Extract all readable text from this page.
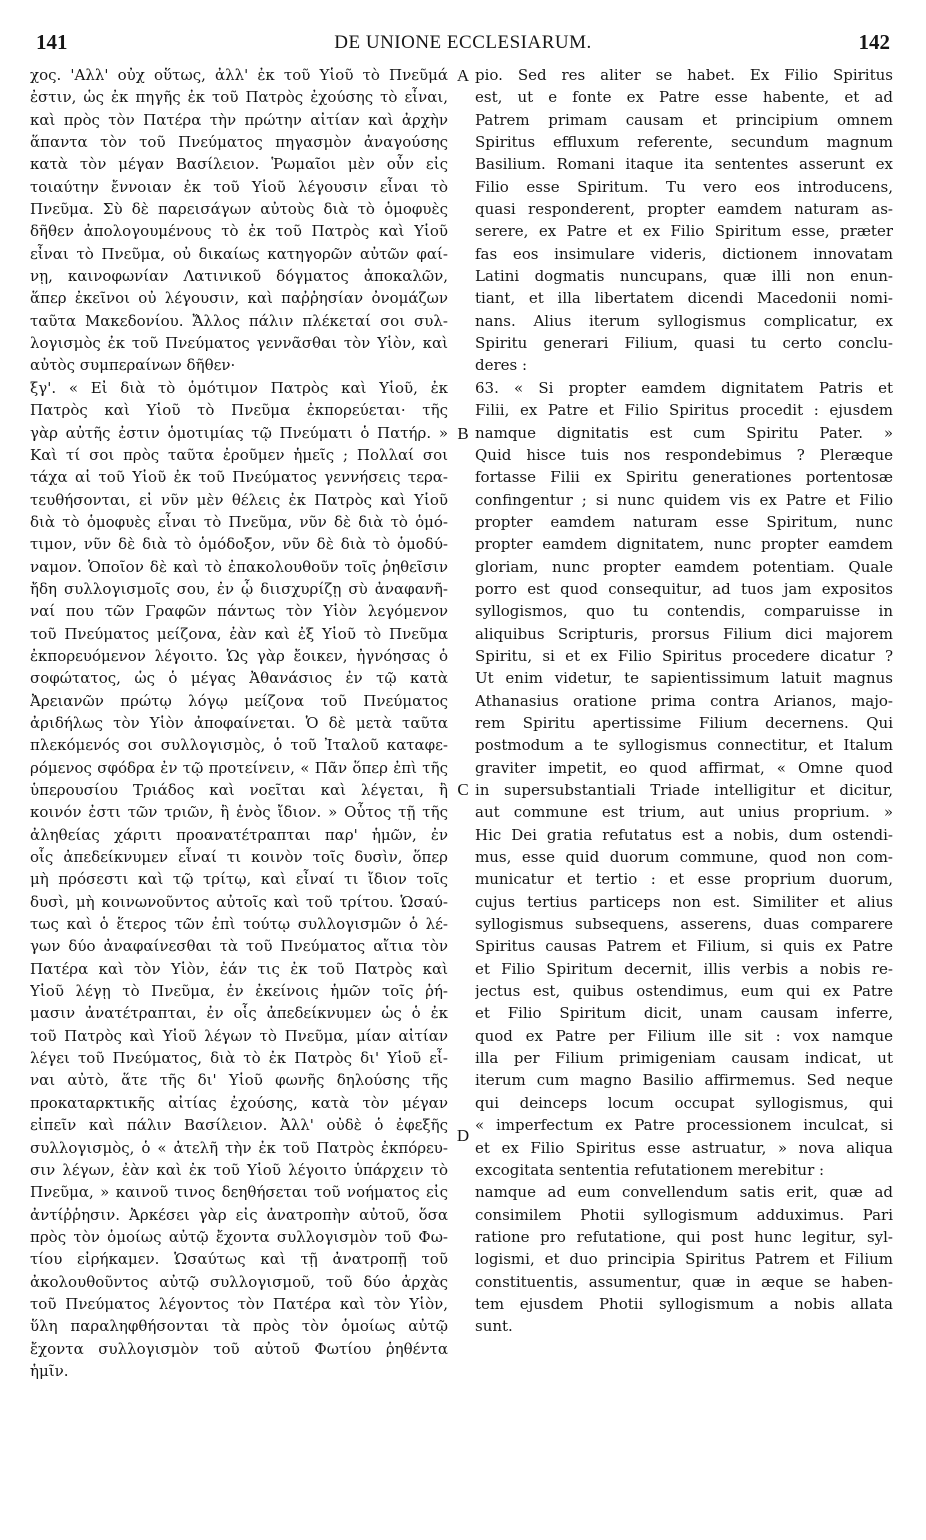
141	DE UNIONE ECCLESIARUM.	142
χος. 'Αλλ' οὐχ οὕτως, ἀλλ' ἐκ τοῦ Υἱοῦ τὸ Πνεῦμά
ἐστιν, ὡς ἐκ πηγῆς ἐκ τοῦ Πατρὸς ἐχούσης τὸ εἶναι,
καὶ πρὸς τὸν Πατέρα τὴν πρώτην αἰτίαν καὶ ἀρχὴν
ἅπαντα τὸν τοῦ Πνεύματος πηγασμὸν ἀναγούσης
κατὰ τὸν μέγαν Βασίλειον. Ῥωμαῖοι μὲν οὖν εἰς
τοιαύτην ἔννοιαν ἐκ τοῦ Υἱοῦ λέγουσιν εἶναι τὸ
Πνεῦμα. Σὺ δὲ παρεισάγων αὐτοὺς διὰ τὸ ὁμοφυὲς
δῆθεν ἀπολογουμένους τὸ ἐκ τοῦ Πατρὸς καὶ Υἱοῦ
εἶναι τὸ Πνεῦμα, οὐ δικαίως κατηγορῶν αὐτῶν φαί-
νῃ, καινοφωνίαν Λατινικοῦ δόγματος ἀποκαλῶν,
ἅπερ ἐκεῖνοι οὐ λέγουσιν, καὶ παῤῥησίαν ὀνομάζων
ταῦτα Μακεδονίου. Ἄλλος πάλιν πλέκεταί σοι συλ-
λογισμὸς ἐκ τοῦ Πνεύματος γεννᾶσθαι τὸν Υἱὸν, καὶ
αὐτὸς συμπεραίνων δῆθεν·
ξγ'. « Εἰ διὰ τὸ ὁμότιμον Πατρὸς καὶ Υἱοῦ, ἐκ
Πατρὸς καὶ Υἱοῦ τὸ Πνεῦμα ἐκπορεύεται· τῆς
γὰρ αὐτῆς ἐστιν ὁμοτιμίας τῷ Πνεύματι ὁ Πατήρ. »
Καὶ τί σοι πρὸς ταῦτα ἐροῦμεν ἡμεῖς ; Πολλαί σοι
τάχα αἱ τοῦ Υἱοῦ ἐκ τοῦ Πνεύματος γεννήσεις τερα-
τευθήσονται, εἰ νῦν μὲν θέλεις ἐκ Πατρὸς καὶ Υἱοῦ
διὰ τὸ ὁμοφυὲς εἶναι τὸ Πνεῦμα, νῦν δὲ διὰ τὸ ὁμό-
τιμον, νῦν δὲ διὰ τὸ ὁμόδοξον, νῦν δὲ διὰ τὸ ὁμοδύ-
ναμον. Ὁποῖον δὲ καὶ τὸ ἐπακολουθοῦν τοῖς ῥηθεῖσιν
ἤδη συλλογισμοῖς σου, ἐν ᾧ διισχυρίζῃ σὺ ἀναφανῆ-
ναί που τῶν Γραφῶν πάντως τὸν Υἱὸν λεγόμενον
τοῦ Πνεύματος μείζονα, ἐὰν καὶ ἐξ Υἱοῦ τὸ Πνεῦμα
ἐκπορευόμενον λέγοιτο. Ὡς γὰρ ἔοικεν, ἠγνόησας ὁ
σοφώτατος, ὡς ὁ μέγας Ἀθανάσιος ἐν τῷ κατὰ
Ἀρειανῶν πρώτῳ λόγῳ μείζονα τοῦ Πνεύματος
ἀριδήλως τὸν Υἱὸν ἀποφαίνεται. Ὁ δὲ μετὰ ταῦτα
πλεκόμενός σοι συλλογισμὸς, ὁ τοῦ Ἰταλοῦ καταφε-
ρόμενος σφόδρα ἐν τῷ προτείνειν, « Πᾶν ὅπερ ἐπὶ τῆς
ὑπερουσίου Τριάδος καὶ νοεῖται καὶ λέγεται, ἢ
κοινόν ἐστι τῶν τριῶν, ἢ ἑνὸς ἴδιον. » Οὗτος τῇ τῆς
ἀληθείας χάριτι προανατέτραπται παρ' ἡμῶν, ἐν
οἷς ἀπεδείκνυμεν εἶναί τι κοινὸν τοῖς δυσὶν, ὅπερ
μὴ πρόσεστι καὶ τῷ τρίτῳ, καὶ εἶναί τι ἴδιον τοῖς
δυσὶ, μὴ κοινωνοῦντος αὐτοῖς καὶ τοῦ τρίτου. Ὡσαύ-
τως καὶ ὁ ἕτερος τῶν ἐπὶ τούτῳ συλλογισμῶν ὁ λέ-
γων δύο ἀναφαίνεσθαι τὰ τοῦ Πνεύματος αἴτια τὸν
Πατέρα καὶ τὸν Υἱὸν, ἐάν τις ἐκ τοῦ Πατρὸς καὶ
Υἱοῦ λέγῃ τὸ Πνεῦμα, ἐν ἐκείνοις ἡμῶν τοῖς ῥή-
μασιν ἀνατέτραπται, ἐν οἷς ἀπεδείκνυμεν ὡς ὁ ἐκ
τοῦ Πατρὸς καὶ Υἱοῦ λέγων τὸ Πνεῦμα, μίαν αἰτίαν
λέγει τοῦ Πνεύματος, διὰ τὸ ἐκ Πατρὸς δι' Υἱοῦ εἶ-
ναι αὐτὸ, ἅτε τῆς δι' Υἱοῦ φωνῆς δηλούσης τῆς
προκαταρκτικῆς αἰτίας ἐχούσης, κατὰ τὸν μέγαν
εἰπεῖν καὶ πάλιν Βασίλειον. Ἀλλ' οὐδὲ ὁ ἐφεξῆς
συλλογισμὸς, ὁ « ἀτελῆ τὴν ἐκ τοῦ Πατρὸς ἐκπόρευ-
σιν λέγων, ἐὰν καὶ ἐκ τοῦ Υἱοῦ λέγοιτο ὑπάρχειν τὸ
Πνεῦμα, » καινοῦ τινος δεηθήσεται τοῦ νοήματος εἰς
ἀντίῤῥησιν. Ἀρκέσει γὰρ εἰς ἀνατροπὴν αὐτοῦ, ὅσα
πρὸς τὸν ὁμοίως αὐτῷ ἔχοντα συλλογισμὸν τοῦ Φω-
τίου εἰρήκαμεν. Ὡσαύτως καὶ τῇ ἀνατροπῇ τοῦ
ἀκολουθοῦντος αὐτῷ συλλογισμοῦ, τοῦ δύο ἀρχὰς
τοῦ Πνεύματος λέγοντος τὸν Πατέρα καὶ τὸν Υἱὸν,
ὕλη παραληφθήσονται τὰ πρὸς τὸν ὁμοίως αὐτῷ
ἔχοντα συλλογισμὸν τοῦ αὐτοῦ Φωτίου ῥηθέντα
ἡμῖν.
pio. Sed res aliter se habet. Ex Filio Spiritus
est, ut e fonte ex Patre esse habente, et ad
Patrem primam causam et principium omnem
Spiritus effluxum referente, secundum magnum
Basilium. Romani itaque ita sententes asserunt ex
Filio esse Spiritum. Tu vero eos introducens,
quasi responderent, propter eamdem naturam as-
serere, ex Patre et ex Filio Spiritum esse, præter
fas eos insimulare videris, dictionem innovatam
Latini dogmatis nuncupans, quæ illi non enun-
tiant, et illa libertatem dicendi Macedonii nomi-
nans. Alius iterum syllogismus complicatur, ex
Spiritu generari Filium, quasi tu certo conclu-
deres :
63. « Si propter eamdem dignitatem Patris et
Filii, ex Patre et Filio Spiritus procedit : ejusdem
namque dignitatis est cum Spiritu Pater. »
Quid hisce tuis nos respondebimus ? Pleræque
fortasse Filii ex Spiritu generationes portentosæ
confingentur ; si nunc quidem vis ex Patre et Filio
propter eamdem naturam esse Spiritum, nunc
propter eamdem dignitatem, nunc propter eamdem
gloriam, nunc propter eamdem potentiam. Quale
porro est quod consequitur, ad tuos jam expositos
syllogismos, quo tu contendis, comparuisse in
aliquibus Scripturis, prorsus Filium dici majorem
Spiritu, si et ex Filio Spiritus procedere dicatur ?
Ut enim videtur, te sapientissimum latuit magnus
Athanasius oratione prima contra Arianos, majo-
rem Spiritu apertissime Filium decernens. Qui
postmodum a te syllogismus connectitur, et Italum
graviter impetit, eo quod affirmat, « Omne quod
in supersubstantiali Triade intelligitur et dicitur,
aut commune est trium, aut unius proprium. »
Hic Dei gratia refutatus est a nobis, dum ostendi-
mus, esse quid duorum commune, quod non com-
municatur et tertio : et esse proprium duorum,
cujus tertius particeps non est. Similiter et alius
syllogismus subsequens, asserens, duas comparere
Spiritus causas Patrem et Filium, si quis ex Patre
et Filio Spiritum decernit, illis verbis a nobis re-
jectus est, quibus ostendimus, eum qui ex Patre
et Filio Spiritum dicit, unam causam inferre,
quod ex Patre per Filium ille sit : vox namque
illa per Filium primigeniam causam indicat, ut
iterum cum magno Basilio affirmemus. Sed neque
qui deinceps locum occupat syllogismus, qui
« imperfectum ex Patre processionem inculcat, si
et ex Filio Spiritus esse astruatur, » nova aliqua
excogitata sententia refutationem merebitur :
namque ad eum convellendum satis erit, quæ ad
consimilem Photii syllogismum adduximus. Pari
ratione pro refutatione, qui post hunc legitur, syl-
logismi, et duo principia Spiritus Patrem et Filium
constituentis, assumentur, quæ in æque se haben-
tem ejusdem Photii syllogismum a nobis allata
sunt.
A
B
C
D
